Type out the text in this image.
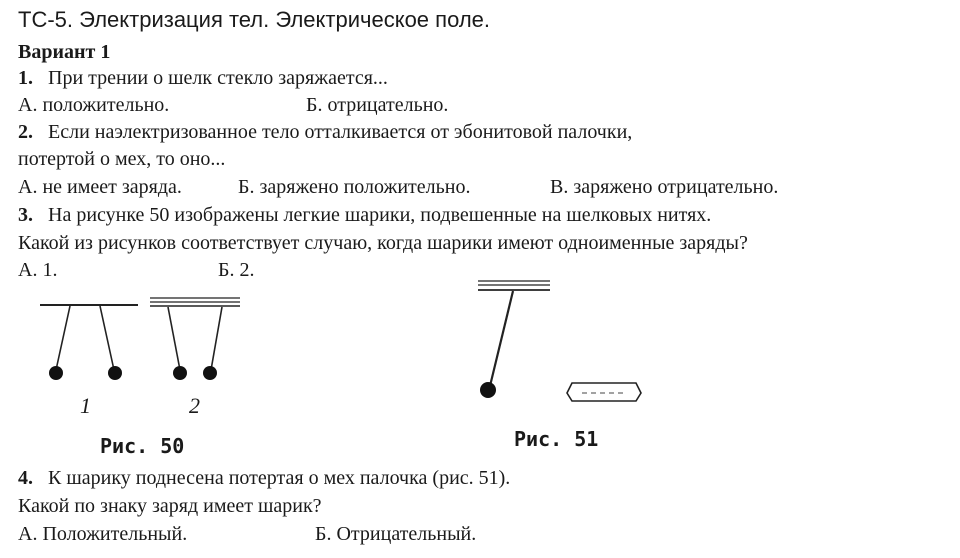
ТС-5. Электризация тел. Электрическое поле.
Вариант 1
1. При трении о шелк стекло заряжается...
А. положительно.	Б. отрицательно.
2. Если наэлектризованное тело отталкивается от эбонитовой палочки,
потертой о мех, то оно...
А. не имеет заряда.	Б. заряжено положительно.	В. заряжено отрицательно.
3. На рисунке 50 изображены легкие шарики, подвешенные на шелковых нитях.
Какой из рисунков соответствует случаю, когда шарики имеют одноименные заряды?
А. 1.	Б. 2.
1	2
Рис. 50	Рис. 51
4. К шарику поднесена потертая о мех палочка (рис. 51).
Какой по знаку заряд имеет шарик?
А. Положительный.	Б. Отрицательный.
